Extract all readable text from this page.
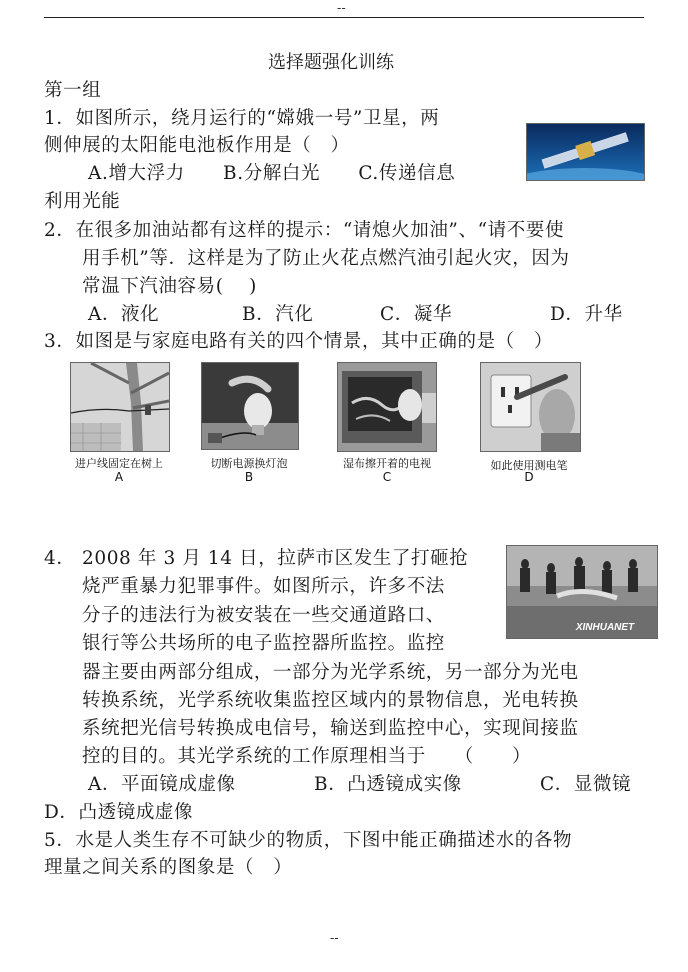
--
选择题强化训练
第一组
1．如图所示，绕月运行的“嫦娥一号”卫星，两
侧伸展的太阳能电池板作用是（　）
A.增大浮力　　B.分解白光　　C.传递信息
利用光能
2．在很多加油站都有这样的提示：“请熄火加油”、“请不要使
用手机”等．这样是为了防止火花点燃汽油引起火灾，因为
常温下汽油容易(　 )
A．液化	B．汽化	C．凝华	D．升华
3．如图是与家庭电路有关的四个情景，其中正确的是（　）
进户线固定在树上
A
切断电源换灯泡
B
湿布擦开着的电视
C
如此使用测电笔
D
4． 2008 年 3 月 14 日，拉萨市区发生了打砸抢
烧严重暴力犯罪事件。如图所示，许多不法
分子的违法行为被安装在一些交通道路口、
银行等公共场所的电子监控器所监控。监控
器主要由两部分组成，一部分为光学系统，另一部分为光电
转换系统，光学系统收集监控区域内的景物信息，光电转换
系统把光信号转换成电信号，输送到监控中心，实现间接监
控的目的。其光学系统的工作原理相当于　　（　　）
A．平面镜成虚像	B．凸透镜成实像	C．显微镜
D．凸透镜成虚像
XINHUANET
5．水是人类生存不可缺少的物质，下图中能正确描述水的各物
理量之间关系的图象是（　）
--
